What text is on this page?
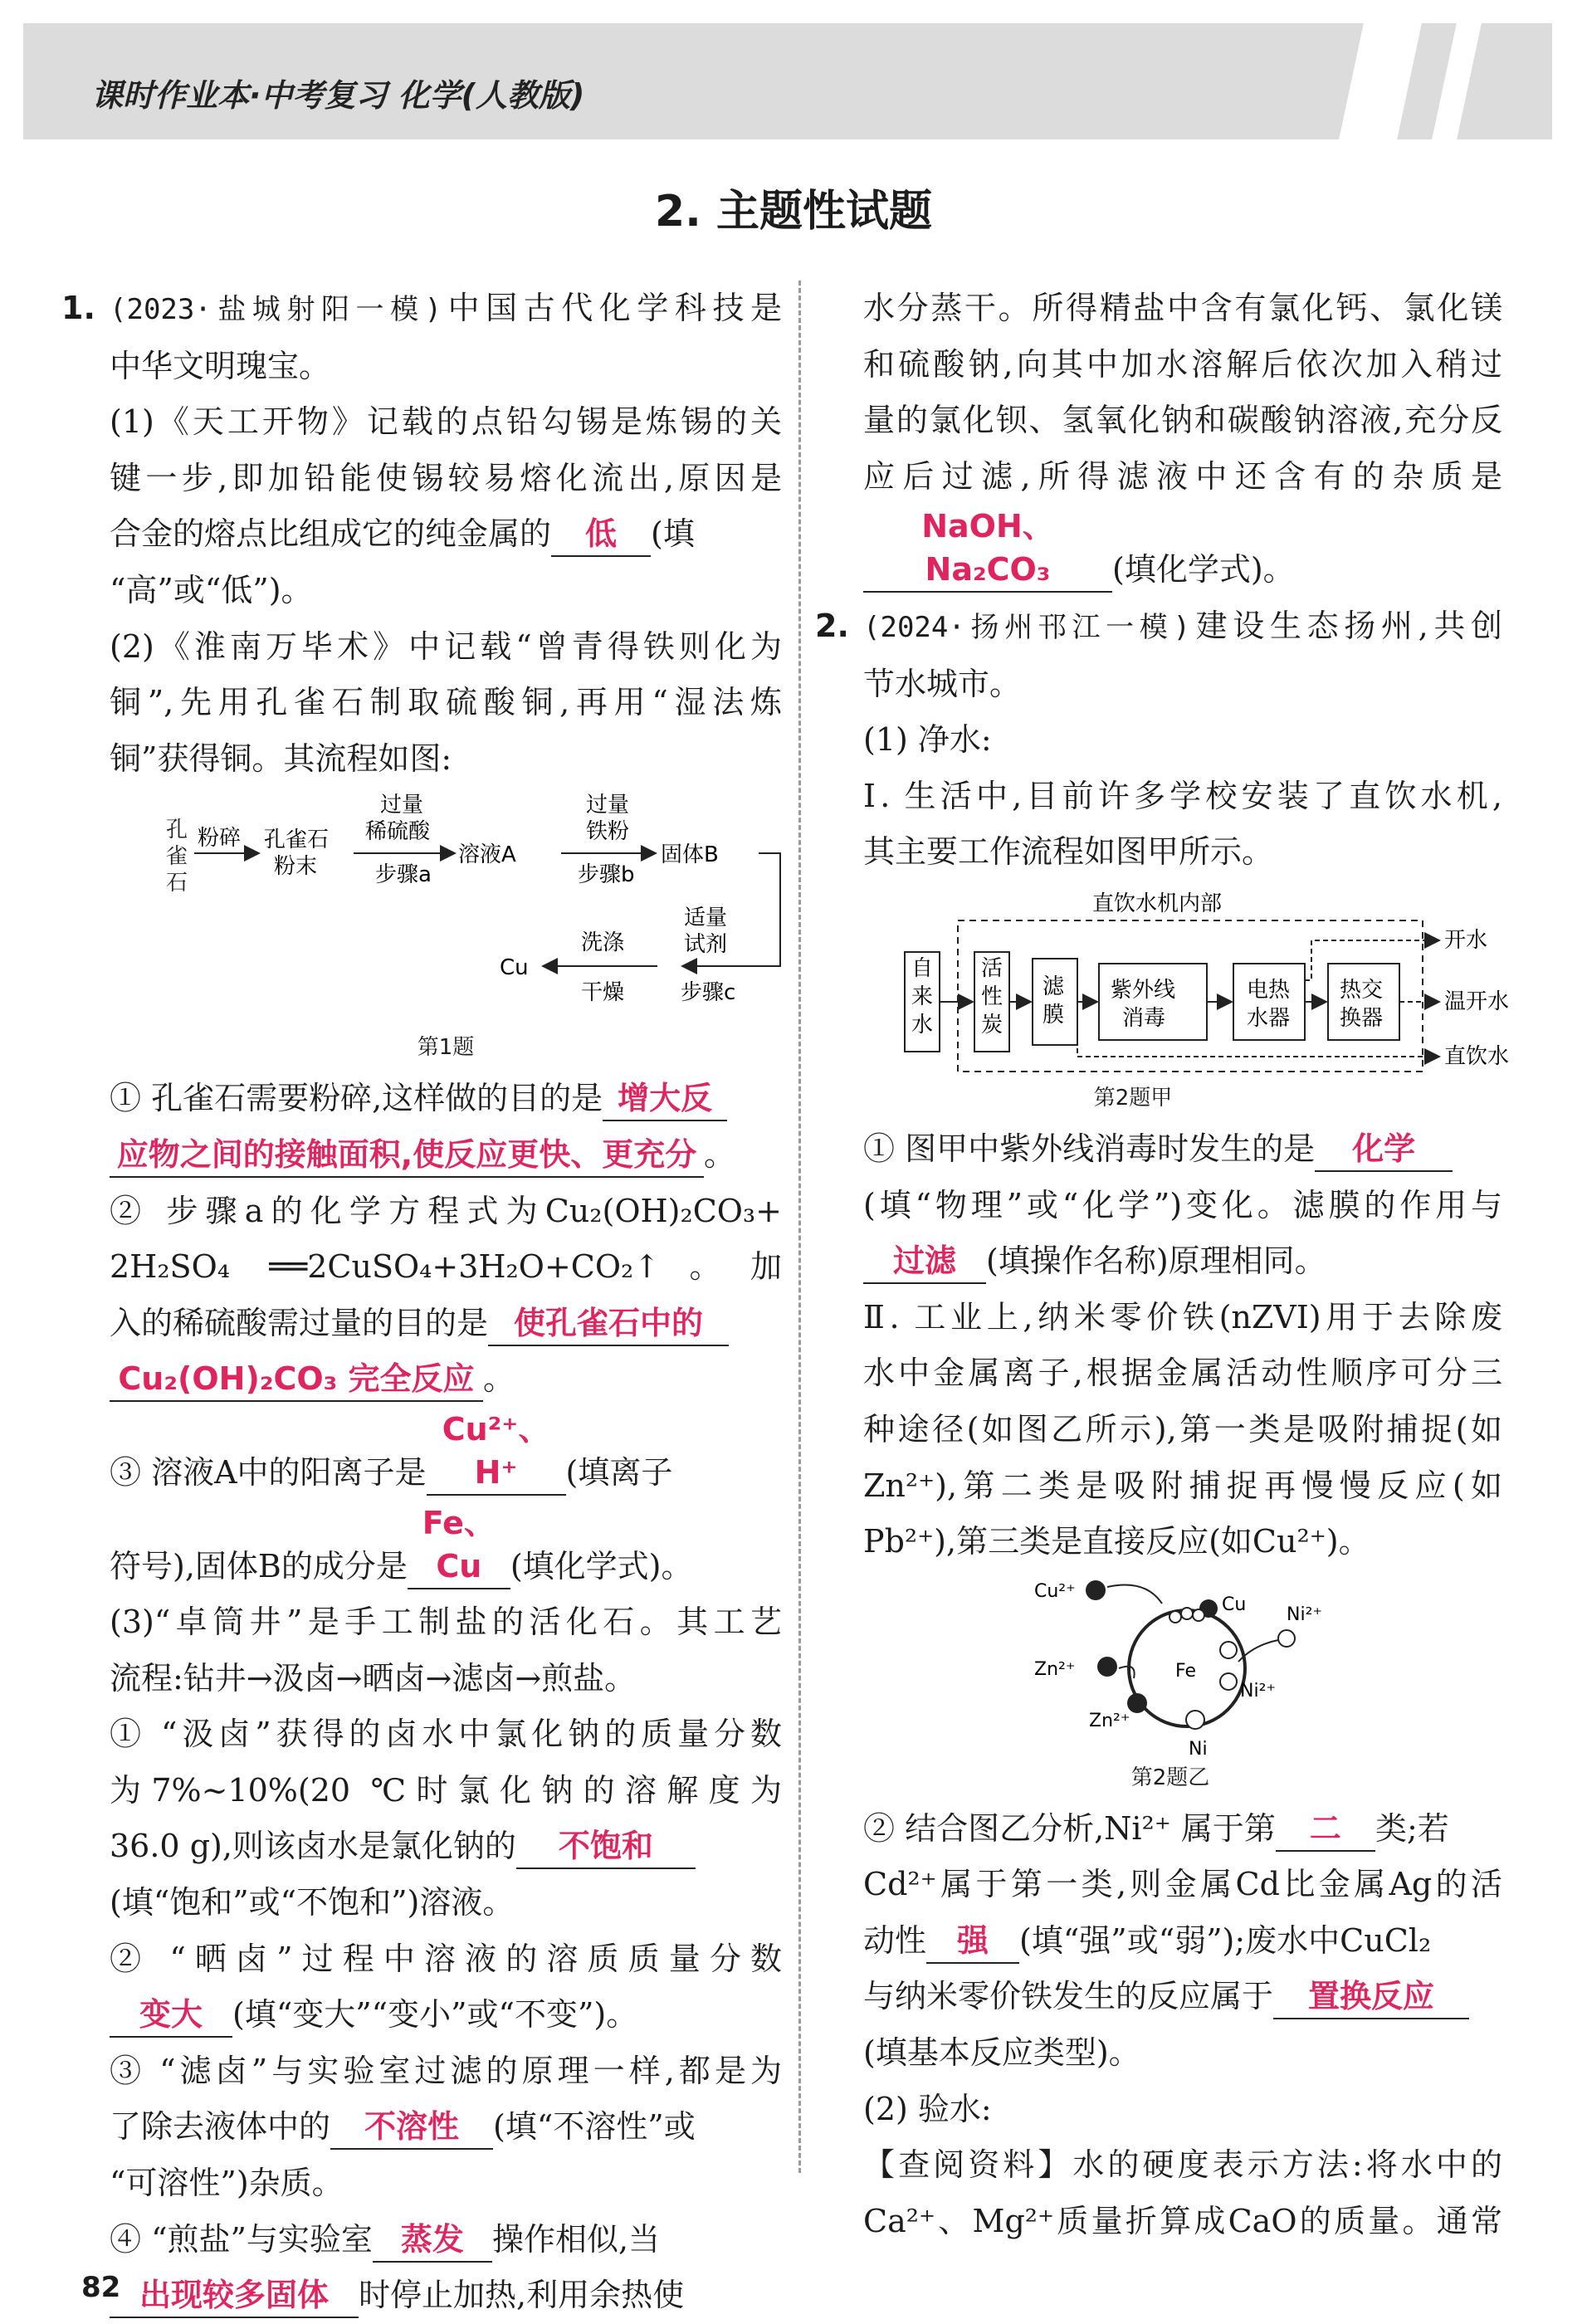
课时作业本·中考复习 化学(人教版)
2. 主题性试题

1. (2023·盐城射阳一模)中国古代化学科技是

中华文明瑰宝。

(1)《天工开物》记载的点铅勾锡是炼锡的关

键一步,即加铅能使锡较易熔化流出,原因是

合金的熔点比组成它的纯金属的 低 (填

“高”或“低”)。

(2)《淮南万毕术》中记载“曾青得铁则化为

铜”,先用孔雀石制取硫酸铜,再用“湿法炼

铜”获得铜。其流程如图:

孔
雀
石
粉碎 孔雀石
粉末
过量
稀硫酸
步骤a
溶液A
过量
铁粉
步骤b
固体B
适量
试剂
步骤c
洗涤
干燥
Cu

第1题

① 孔雀石需要粉碎,这样做的目的是 增大反

应物之间的接触面积,使反应更快、更充分 。

② 步骤a的化学方程式为Cu₂(OH)₂CO₃+

2H₂SO₄ ══2CuSO₄+3H₂O+CO₂↑。加

入的稀硫酸需过量的目的是 使孔雀石中的

Cu₂(OH)₂CO₃ 完全反应 。

③ 溶液A中的阳离子是Cu²⁺、H⁺ (填离子

符号),固体B的成分是Fe、Cu (填化学式)。

(3)“卓筒井”是手工制盐的活化石。其工艺

流程:钻井→汲卤→晒卤→滤卤→煎盐。

① “汲卤”获得的卤水中氯化钠的质量分数

为7%~10%(20 ℃时氯化钠的溶解度为

36.0 g),则该卤水是氯化钠的 不饱和

(填“饱和”或“不饱和”)溶液。

② “晒卤”过程中溶液的溶质质量分数

变大 (填“变大”“变小”或“不变”)。

③ “滤卤”与实验室过滤的原理一样,都是为

了除去液体中的 不溶性 (填“不溶性”或

“可溶性”)杂质。

④ “煎盐”与实验室 蒸发 操作相似,当

出现较多固体 时停止加热,利用余热使

水分蒸干。所得精盐中含有氯化钙、氯化镁

和硫酸钠,向其中加水溶解后依次加入稍过

量的氯化钡、氢氧化钠和碳酸钠溶液,充分反

应后过滤,所得滤液中还含有的杂质是

NaOH、Na₂CO₃ (填化学式)。

2. (2024·扬州邗江一模)建设生态扬州,共创

节水城市。

(1) 净水:

Ⅰ. 生活中,目前许多学校安装了直饮水机,

其主要工作流程如图甲所示。

直饮水机内部
自
来
水
活
性
炭
滤
膜
紫外线
消毒
电热
水器
热交
换器
开水
温开水
直饮水

第2题甲

① 图甲中紫外线消毒时发生的是 化学

(填“物理”或“化学”)变化。滤膜的作用与

过滤 (填操作名称)原理相同。

Ⅱ. 工业上,纳米零价铁(nZVI)用于去除废

水中金属离子,根据金属活动性顺序可分三

种途径(如图乙所示),第一类是吸附捕捉(如

Zn²⁺),第二类是吸附捕捉再慢慢反应(如

Pb²⁺),第三类是直接反应(如Cu²⁺)。

Fe
Cu²⁺
Cu Ni²⁺
Ni²⁺
Zn²⁺
Zn²⁺
Ni

第2题乙

② 结合图乙分析,Ni²⁺ 属于第 二 类;若

Cd²⁺属于第一类,则金属Cd比金属Ag的活

动性 强 (填“强”或“弱”);废水中CuCl₂

与纳米零价铁发生的反应属于 置换反应

(填基本反应类型)。

(2) 验水:

【查阅资料】水的硬度表示方法:将水中的

Ca²⁺、Mg²⁺质量折算成CaO的质量。通常

82
